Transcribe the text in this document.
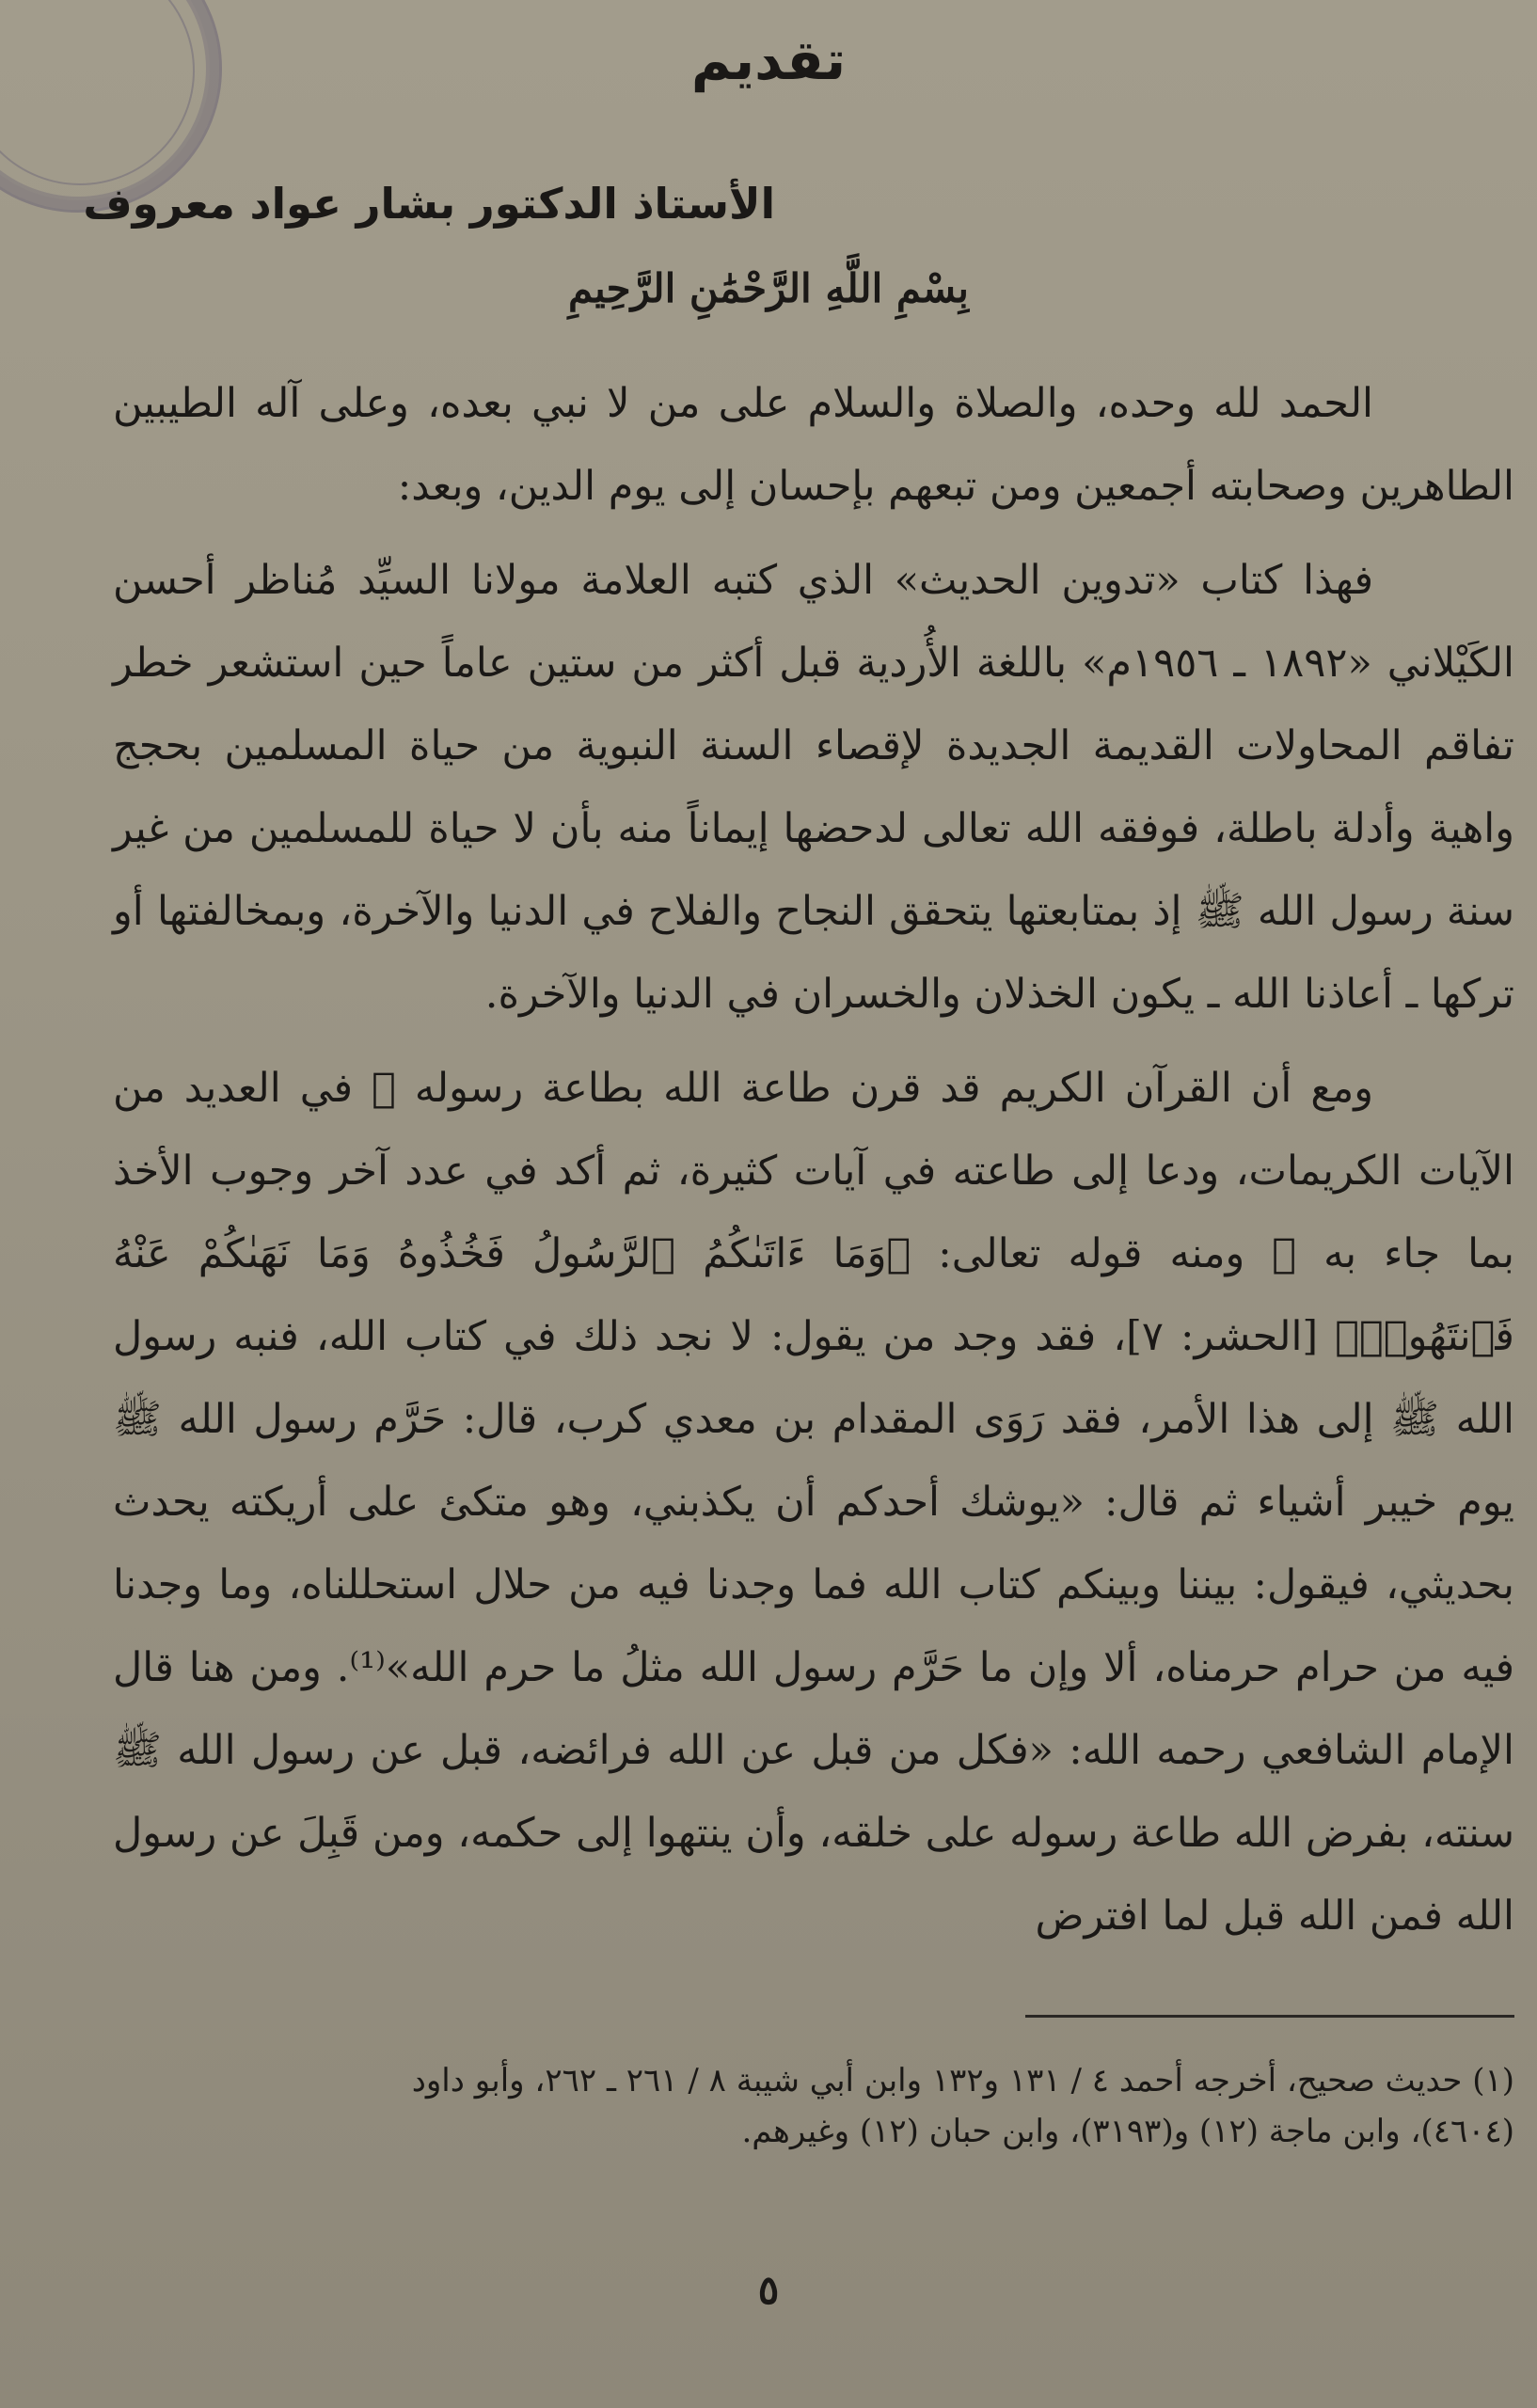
تقديم
الأستاذ الدكتور بشار عواد معروف

بِسْمِ اللَّهِ الرَّحْمَٰنِ الرَّحِيمِ

الحمد لله وحده، والصلاة والسلام على من لا نبي بعده، وعلى آله الطيبين الطاهرين وصحابته أجمعين ومن تبعهم بإحسان إلى يوم الدين، وبعد:

فهذا كتاب «تدوين الحديث» الذي كتبه العلامة مولانا السيِّد مُناظر أحسن الكَيْلاني «١٨٩٢ ـ ١٩٥٦م» باللغة الأُردية قبل أكثر من ستين عاماً حين استشعر خطر تفاقم المحاولات القديمة الجديدة لإقصاء السنة النبوية من حياة المسلمين بحجج واهية وأدلة باطلة، فوفقه الله تعالى لدحضها إيماناً منه بأن لا حياة للمسلمين من غير سنة رسول الله ﷺ إذ بمتابعتها يتحقق النجاح والفلاح في الدنيا والآخرة، وبمخالفتها أو تركها ـ أعاذنا الله ـ يكون الخذلان والخسران في الدنيا والآخرة.

ومع أن القرآن الكريم قد قرن طاعة الله بطاعة رسوله ﷺ في العديد من الآيات الكريمات، ودعا إلى طاعته في آيات كثيرة، ثم أكد في عدد آخر وجوب الأخذ بما جاء به ﷺ ومنه قوله تعالى: ﴿وَمَا ءَاتَىٰكُمُ ٱلرَّسُولُ فَخُذُوهُ وَمَا نَهَىٰكُمْ عَنْهُ فَٱنتَهُوا۟﴾ [الحشر: ٧]، فقد وجد من يقول: لا نجد ذلك في كتاب الله، فنبه رسول الله ﷺ إلى هذا الأمر، فقد رَوَى المقدام بن معدي كرب، قال: حَرَّم رسول الله ﷺ يوم خيبر أشياء ثم قال: «يوشك أحدكم أن يكذبني، وهو متكئ على أريكته يحدث بحديثي، فيقول: بيننا وبينكم كتاب الله فما وجدنا فيه من حلال استحللناه، وما وجدنا فيه من حرام حرمناه، ألا وإن ما حَرَّم رسول الله مثلُ ما حرم الله»⁽¹⁾. ومن هنا قال الإمام الشافعي رحمه الله: «فكل من قبل عن الله فرائضه، قبل عن رسول الله ﷺ سنته، بفرض الله طاعة رسوله على خلقه، وأن ينتهوا إلى حكمه، ومن قَبِلَ عن رسول الله فمن الله قبل لما افترض

(١) حديث صحيح، أخرجه أحمد ٤ / ١٣١ و١٣٢ وابن أبي شيبة ٨ / ٢٦١ ـ ٢٦٢، وأبو داود

(٤٦٠٤)، وابن ماجة (١٢) و(٣١٩٣)، وابن حبان (١٢) وغيرهم.

٥
